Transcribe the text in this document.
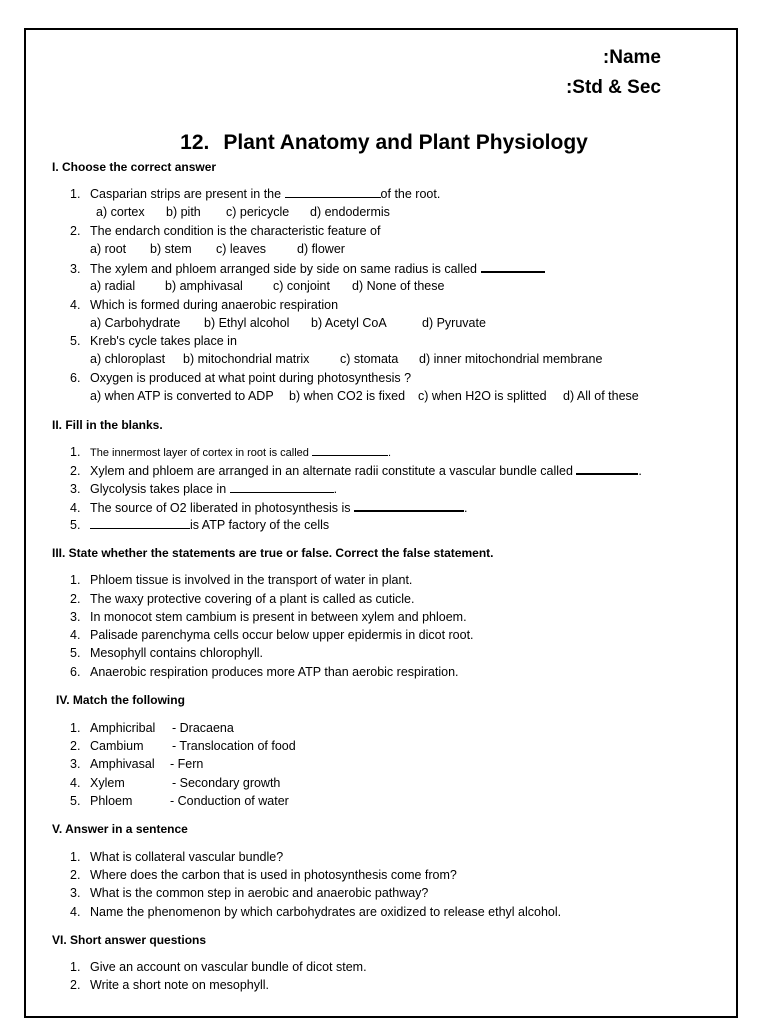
:Name
:Std & Sec
12. Plant Anatomy and Plant Physiology
I. Choose the correct answer
1. Casparian strips are present in the	of the root.
a) cortex b) pith c) pericycle d) endodermis
2. The endarch condition is the characteristic feature of
a) root b) stem c) leaves d) flower
3. The xylem and phloem arranged side by side on same radius is called
a) radial b) amphivasal c) conjoint d) None of these
4. Which is formed during anaerobic respiration
a) Carbohydrate b) Ethyl alcohol b) Acetyl CoA	d) Pyruvate
5. Kreb's cycle takes place in
a) chloroplast b) mitochondrial matrix c) stomata d) inner mitochondrial membrane
6. Oxygen is produced at what point during photosynthesis ?
a) when ATP is converted to ADP b) when CO2 is fixed c) when H2O is splitted d) All of these
II. Fill in the blanks.
1. The innermost layer of cortex in root is called	.
2. Xylem and phloem are arranged in an alternate radii constitute a vascular bundle called	.
3. Glycolysis takes place in	.
4. The source of O2 liberated in photosynthesis is	.
5.	is ATP factory of the cells
III. State whether the statements are true or false. Correct the false statement.
1. Phloem tissue is involved in the transport of water in plant.
2. The waxy protective covering of a plant is called as cuticle.
3. In monocot stem cambium is present in between xylem and phloem.
4. Palisade parenchyma cells occur below upper epidermis in dicot root.
5. Mesophyll contains chlorophyll.
6. Anaerobic respiration produces more ATP than aerobic respiration.
IV. Match the following
1. Amphicribal - Dracaena
2. Cambium - Translocation of food
3. Amphivasal - Fern
4. Xylem	- Secondary growth
5. Phloem	- Conduction of water
V. Answer in a sentence
1. What is collateral vascular bundle?
2. Where does the carbon that is used in photosynthesis come from?
3. What is the common step in aerobic and anaerobic pathway?
4. Name the phenomenon by which carbohydrates are oxidized to release ethyl alcohol.
VI. Short answer questions
1. Give an account on vascular bundle of dicot stem.
2. Write a short note on mesophyll.
